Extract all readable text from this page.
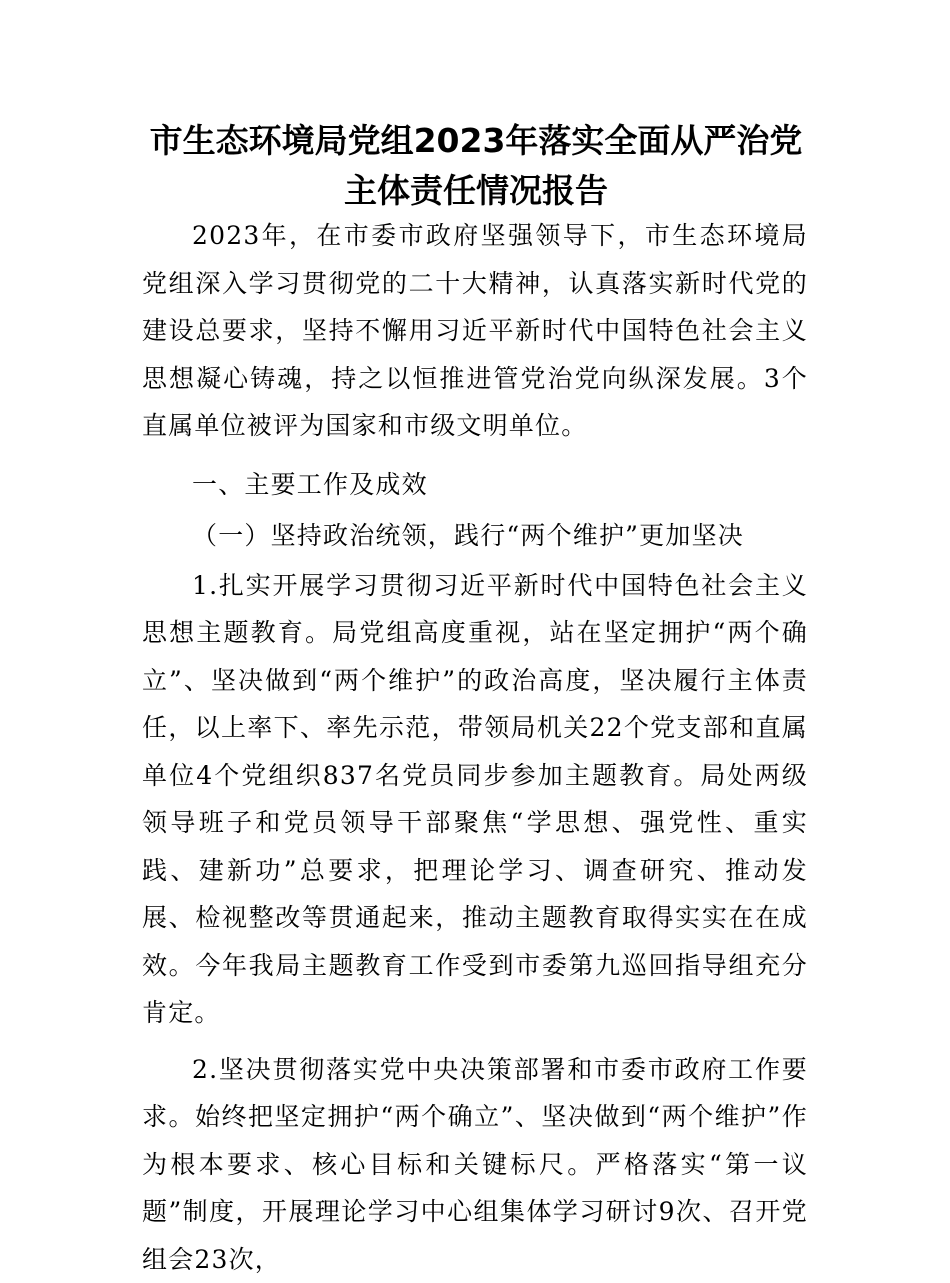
市生态环境局党组2023年落实全面从严治党主体责任情况报告

2023年，在市委市政府坚强领导下，市生态环境局党组深入学习贯彻党的二十大精神，认真落实新时代党的建设总要求，坚持不懈用习近平新时代中国特色社会主义思想凝心铸魂，持之以恒推进管党治党向纵深发展。3个直属单位被评为国家和市级文明单位。

一、主要工作及成效

（一）坚持政治统领，践行“两个维护”更加坚决

1.扎实开展学习贯彻习近平新时代中国特色社会主义思想主题教育。局党组高度重视，站在坚定拥护“两个确立”、坚决做到“两个维护”的政治高度，坚决履行主体责任，以上率下、率先示范，带领局机关22个党支部和直属单位4个党组织837名党员同步参加主题教育。局处两级领导班子和党员领导干部聚焦“学思想、强党性、重实践、建新功”总要求，把理论学习、调查研究、推动发展、检视整改等贯通起来，推动主题教育取得实实在在成效。今年我局主题教育工作受到市委第九巡回指导组充分肯定。

2.坚决贯彻落实党中央决策部署和市委市政府工作要求。始终把坚定拥护“两个确立”、坚决做到“两个维护”作为根本要求、核心目标和关键标尺。严格落实“第一议题”制度，开展理论学习中心组集体学习研讨9次、召开党组会23次，
